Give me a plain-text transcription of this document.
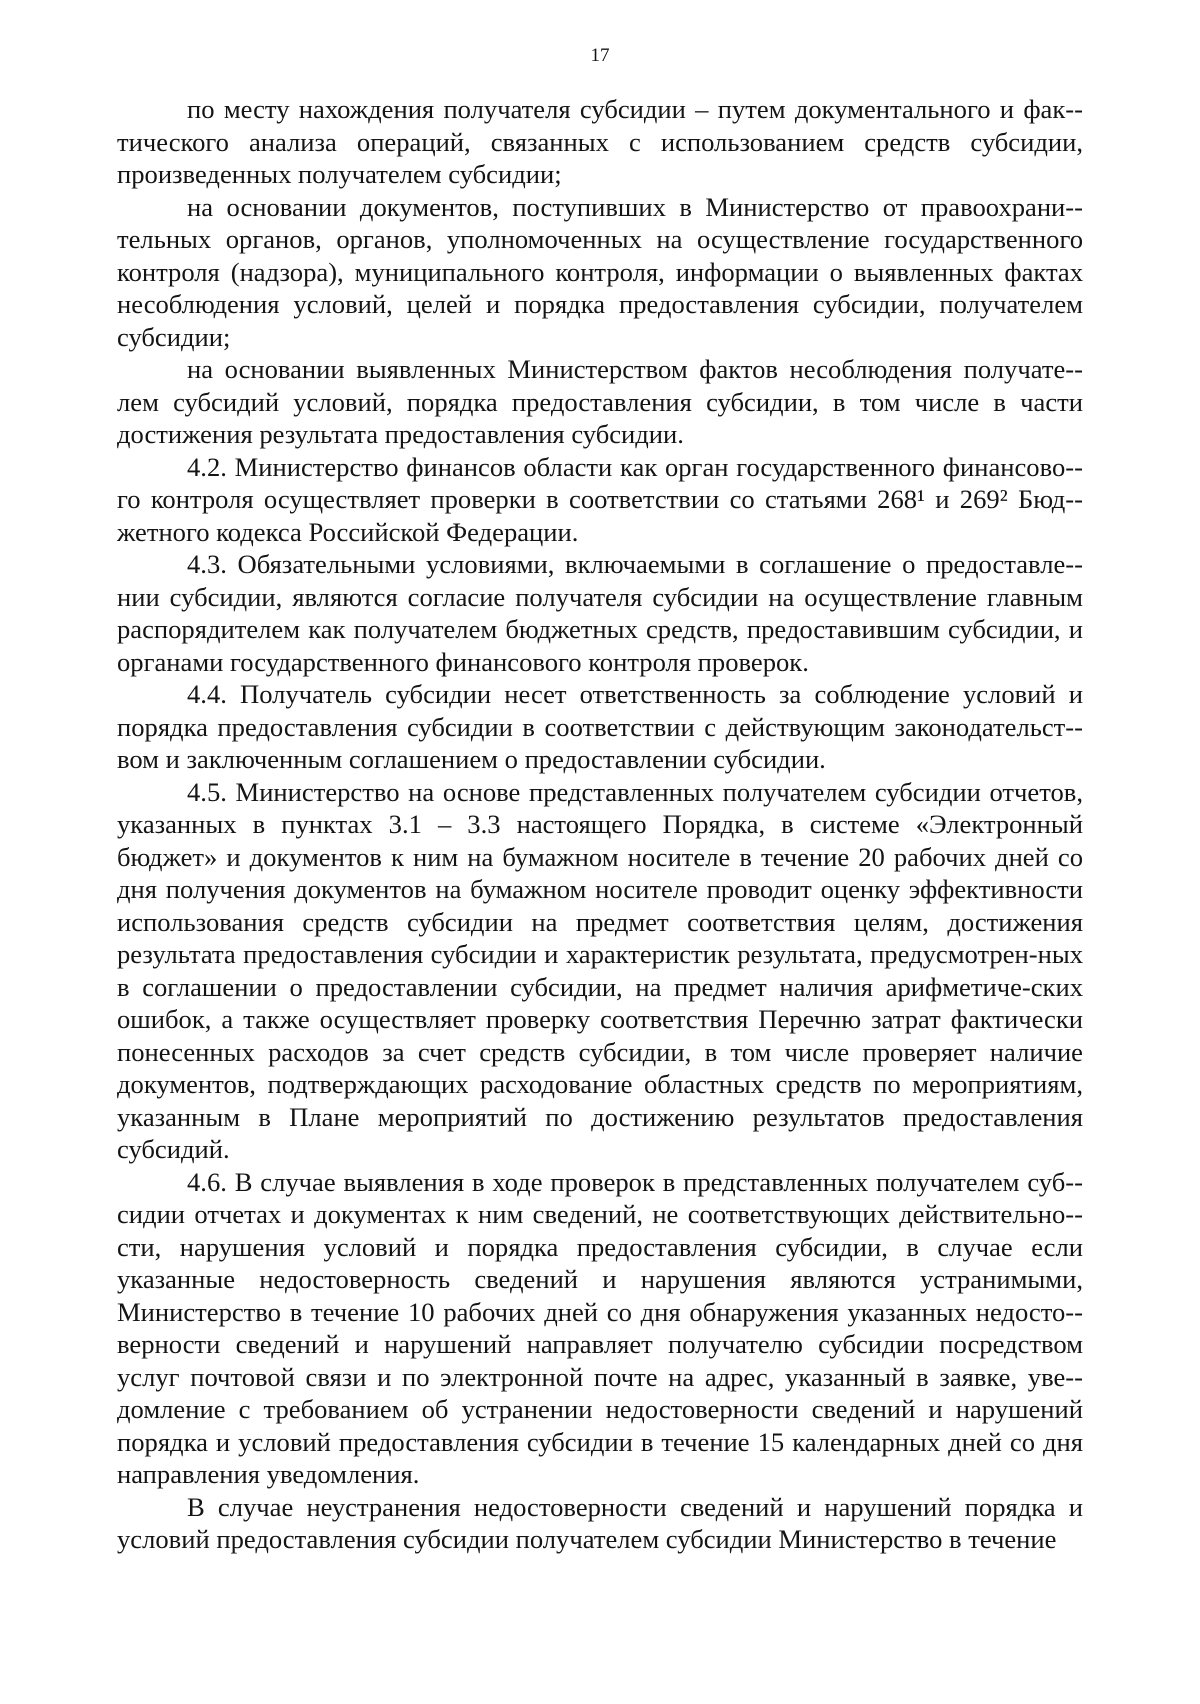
17

по месту нахождения получателя субсидии – путем документального и фак-тического анализа операций, связанных с использованием средств субсидии, произведенных получателем субсидии;

на основании документов, поступивших в Министерство от правоохрани-тельных органов, органов, уполномоченных на осуществление государственного контроля (надзора), муниципального контроля, информации о выявленных фактах несоблюдения условий, целей и порядка предоставления субсидии, получателем субсидии;

на основании выявленных Министерством фактов несоблюдения получате-лем субсидий условий, порядка предоставления субсидии, в том числе в части достижения результата предоставления субсидии.

4.2. Министерство финансов области как орган государственного финансово-го контроля осуществляет проверки в соответствии со статьями 268¹ и 269² Бюд-жетного кодекса Российской Федерации.

4.3. Обязательными условиями, включаемыми в соглашение о предоставле-нии субсидии, являются согласие получателя субсидии на осуществление главным распорядителем как получателем бюджетных средств, предоставившим субсидии, и органами государственного финансового контроля проверок.

4.4. Получатель субсидии несет ответственность за соблюдение условий и порядка предоставления субсидии в соответствии с действующим законодательст-вом и заключенным соглашением о предоставлении субсидии.

4.5. Министерство на основе представленных получателем субсидии отчетов, указанных в пунктах 3.1 – 3.3 настоящего Порядка, в системе «Электронный бюджет» и документов к ним на бумажном носителе в течение 20 рабочих дней со дня получения документов на бумажном носителе проводит оценку эффективности использования средств субсидии на предмет соответствия целям, достижения результата предоставления субсидии и характеристик результата, предусмотрен-ных в соглашении о предоставлении субсидии, на предмет наличия арифметиче-ских ошибок, а также осуществляет проверку соответствия Перечню затрат фактически понесенных расходов за счет средств субсидии, в том числе проверяет наличие документов, подтверждающих расходование областных средств по мероприятиям, указанным в Плане мероприятий по достижению результатов предоставления субсидий.

4.6. В случае выявления в ходе проверок в представленных получателем суб-сидии отчетах и документах к ним сведений, не соответствующих действительно-сти, нарушения условий и порядка предоставления субсидии, в случае если указанные недостоверность сведений и нарушения являются устранимыми, Министерство в течение 10 рабочих дней со дня обнаружения указанных недосто-верности сведений и нарушений направляет получателю субсидии посредством услуг почтовой связи и по электронной почте на адрес, указанный в заявке, уве-домление с требованием об устранении недостоверности сведений и нарушений порядка и условий предоставления субсидии в течение 15 календарных дней со дня направления уведомления.

В случае неустранения недостоверности сведений и нарушений порядка и условий предоставления субсидии получателем субсидии Министерство в течение
